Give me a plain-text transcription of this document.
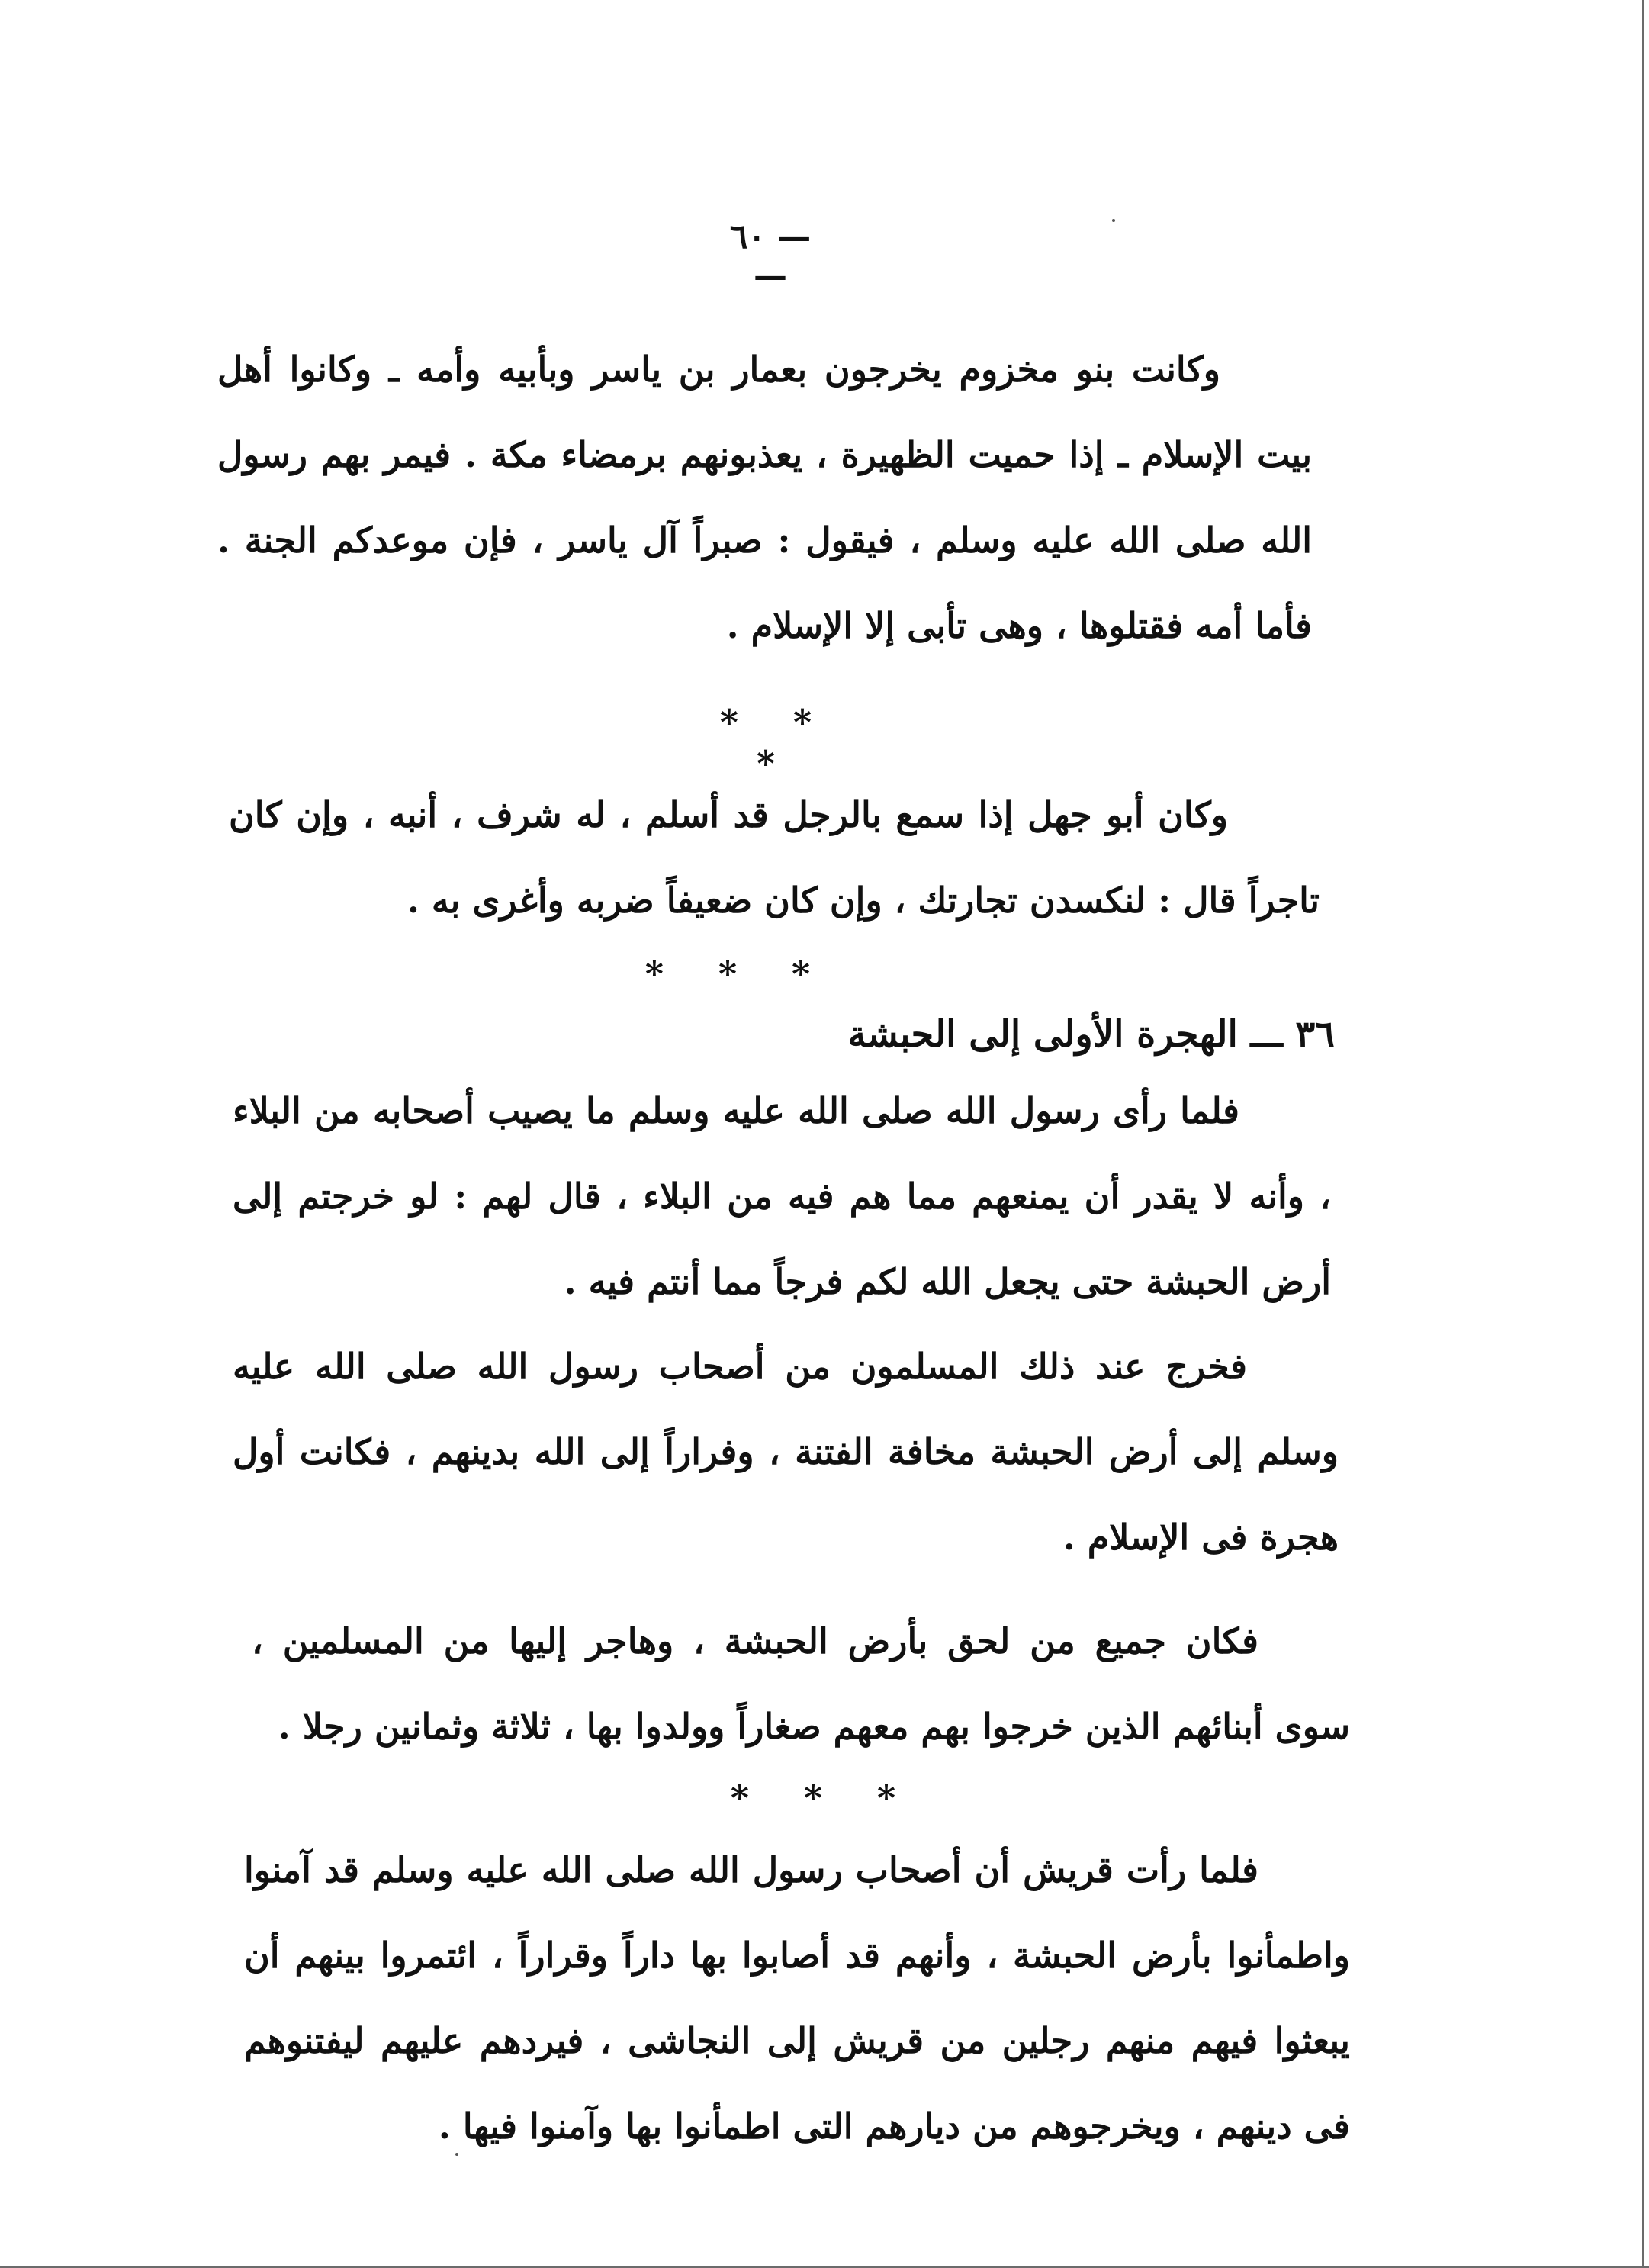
— ٦٠ —

وكانت بنو مخزوم يخرجون بعمار بن ياسر وبأبيه وأمه ـ وكانوا أهل بيت الإسلام ـ إذا حميت الظهيرة ، يعذبونهم برمضاء مكة . فيمر بهم رسول الله صلى الله عليه وسلم ، فيقول : صبراً آل ياسر ، فإن موعدكم الجنة . فأما أمه فقتلوها ، وهى تأبى إلا الإسلام .

* * *

وكان أبو جهل إذا سمع بالرجل قد أسلم ، له شرف ، أنبه ، وإن كان تاجراً قال : لنكسدن تجارتك ، وإن كان ضعيفاً ضربه وأغرى به .

* * *
٣٦ ـــ الهجرة الأولى إلى الحبشة

فلما رأى رسول الله صلى الله عليه وسلم ما يصيب أصحابه من البلاء ، وأنه لا يقدر أن يمنعهم مما هم فيه من البلاء ، قال لهم : لو خرجتم إلى أرض الحبشة حتى يجعل الله لكم فرجاً مما أنتم فيه .

فخرج عند ذلك المسلمون من أصحاب رسول الله صلى الله عليه وسلم إلى أرض الحبشة مخافة الفتنة ، وفراراً إلى الله بدينهم ، فكانت أول هجرة فى الإسلام .

فكان جميع من لحق بأرض الحبشة ، وهاجر إليها من المسلمين ، سوى أبنائهم الذين خرجوا بهم معهم صغاراً وولدوا بها ، ثلاثة وثمانين رجلا .

* * *

فلما رأت قريش أن أصحاب رسول الله صلى الله عليه وسلم قد آمنوا واطمأنوا بأرض الحبشة ، وأنهم قد أصابوا بها داراً وقراراً ، ائتمروا بينهم أن يبعثوا فيهم منهم رجلين من قريش إلى النجاشى ، فيردهم عليهم ليفتنوهم فى دينهم ، ويخرجوهم من ديارهم التى اطمأنوا بها وآمنوا فيها .
